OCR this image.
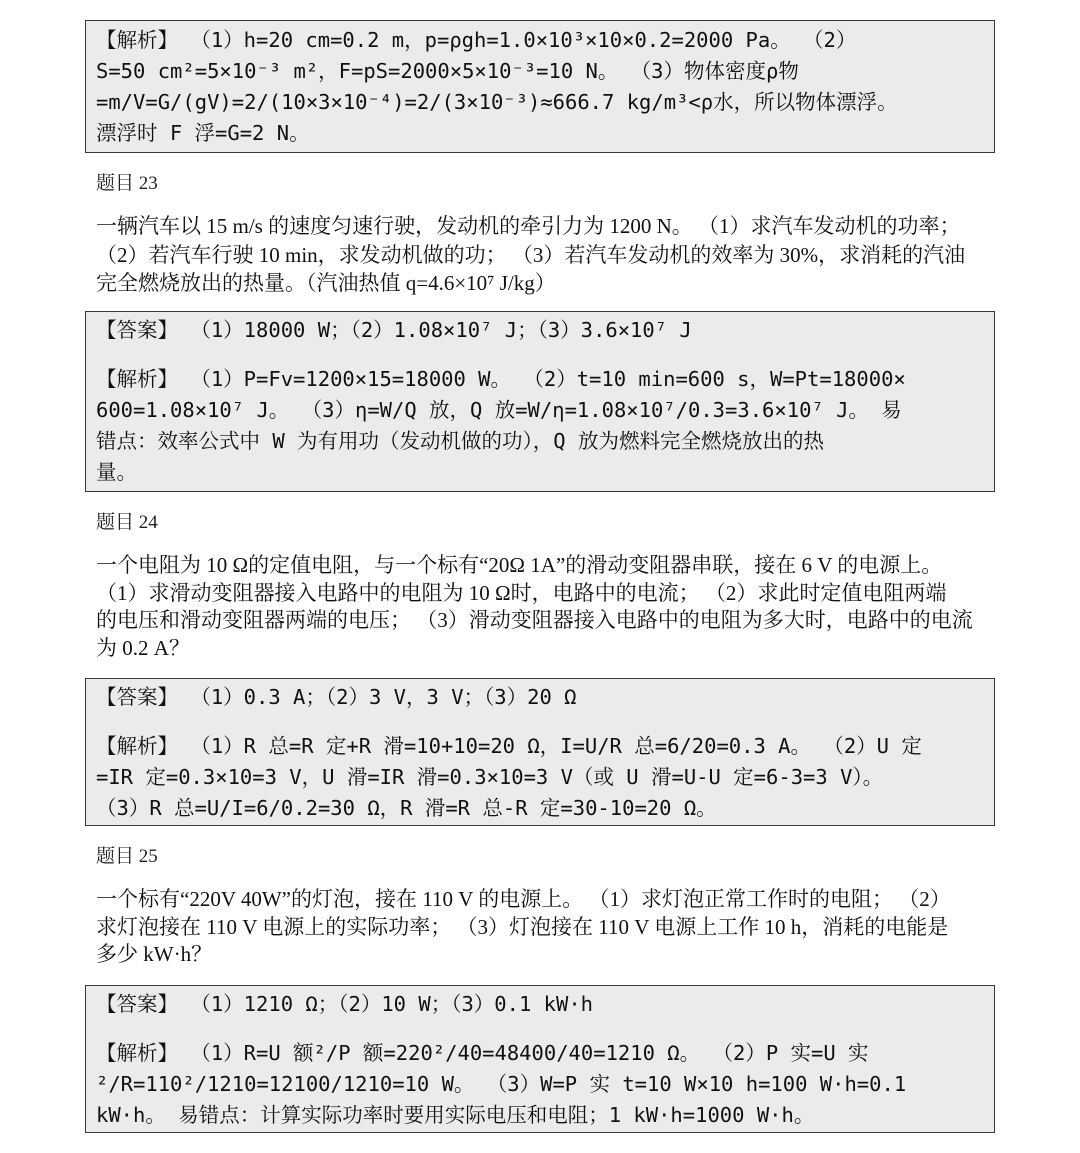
【解析】 （1）h=20 cm=0.2 m，p=ρgh=1.0×10³×10×0.2=2000 Pa。 （2）
S=50 cm²=5×10⁻³ m²，F=pS=2000×5×10⁻³=10 N。 （3）物体密度ρ物
=m/V=G/(gV)=2/(10×3×10⁻⁴)=2/(3×10⁻³)≈666.7 kg/m³<ρ水，所以物体漂浮。
漂浮时 F 浮=G=2 N。
题目 23
一辆汽车以 15 m/s 的速度匀速行驶，发动机的牵引力为 1200 N。 （1）求汽车发动机的功率；
（2）若汽车行驶 10 min，求发动机做的功； （3）若汽车发动机的效率为 30%，求消耗的汽油
完全燃烧放出的热量。（汽油热值 q=4.6×10⁷ J/kg）
【答案】 （1）18000 W；（2）1.08×10⁷ J；（3）3.6×10⁷ J
【解析】 （1）P=Fv=1200×15=18000 W。 （2）t=10 min=600 s，W=Pt=18000×
600=1.08×10⁷ J。 （3）η=W/Q 放，Q 放=W/η=1.08×10⁷/0.3=3.6×10⁷ J。 易
错点：效率公式中 W 为有用功（发动机做的功），Q 放为燃料完全燃烧放出的热
量。
题目 24
一个电阻为 10 Ω的定值电阻，与一个标有“20Ω 1A”的滑动变阻器串联，接在 6 V 的电源上。
（1）求滑动变阻器接入电路中的电阻为 10 Ω时，电路中的电流； （2）求此时定值电阻两端
的电压和滑动变阻器两端的电压； （3）滑动变阻器接入电路中的电阻为多大时，电路中的电流
为 0.2 A？
【答案】 （1）0.3 A；（2）3 V，3 V；（3）20 Ω
【解析】 （1）R 总=R 定+R 滑=10+10=20 Ω，I=U/R 总=6/20=0.3 A。 （2）U 定
=IR 定=0.3×10=3 V，U 滑=IR 滑=0.3×10=3 V（或 U 滑=U-U 定=6-3=3 V）。
（3）R 总=U/I=6/0.2=30 Ω，R 滑=R 总-R 定=30-10=20 Ω。
题目 25
一个标有“220V 40W”的灯泡，接在 110 V 的电源上。 （1）求灯泡正常工作时的电阻； （2）
求灯泡接在 110 V 电源上的实际功率； （3）灯泡接在 110 V 电源上工作 10 h，消耗的电能是
多少 kW·h？
【答案】 （1）1210 Ω；（2）10 W；（3）0.1 kW·h
【解析】 （1）R=U 额²/P 额=220²/40=48400/40=1210 Ω。 （2）P 实=U 实
²/R=110²/1210=12100/1210=10 W。 （3）W=P 实 t=10 W×10 h=100 W·h=0.1
kW·h。 易错点：计算实际功率时要用实际电压和电阻；1 kW·h=1000 W·h。
